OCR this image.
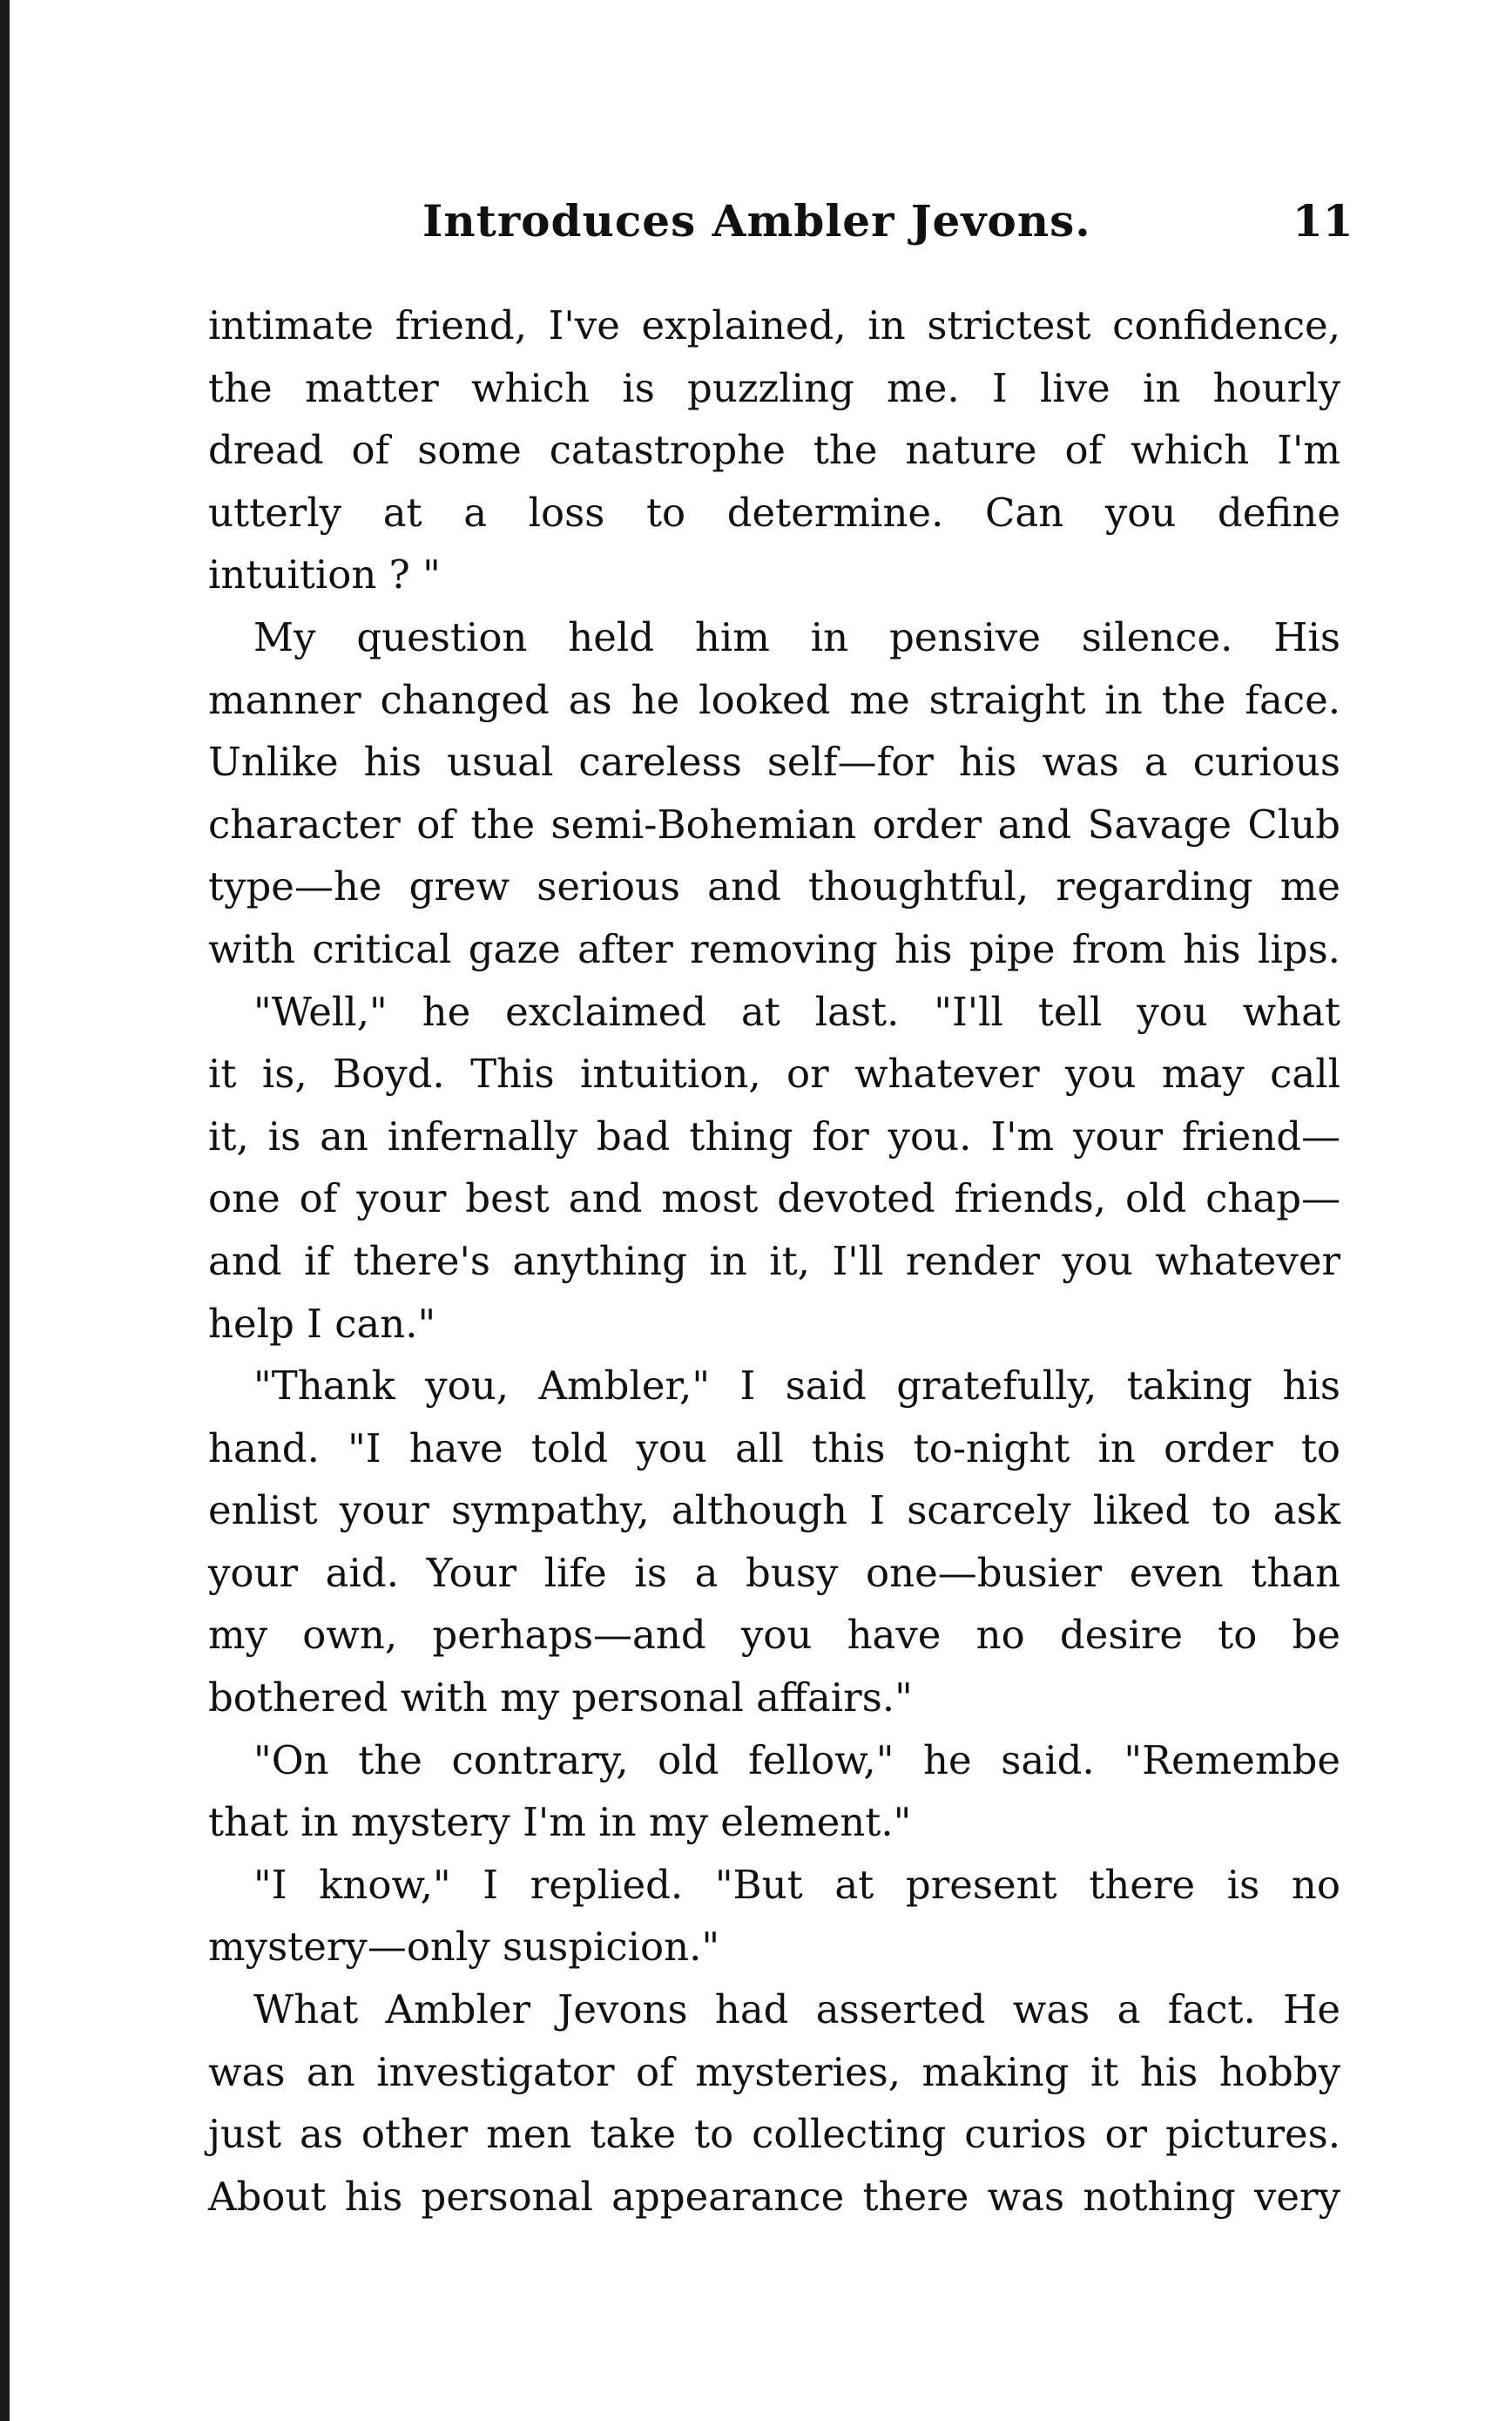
Introduces Ambler Jevons.	11
intimate friend, I've explained, in strictest confidence,
the matter which is puzzling me. I live in hourly
dread of some catastrophe the nature of which I'm
utterly at a loss to determine. Can you define
intuition ? "
My question held him in pensive silence. His
manner changed as he looked me straight in the face.
Unlike his usual careless self—for his was a curious
character of the semi-Bohemian order and Savage Club
type—he grew serious and thoughtful, regarding me
with critical gaze after removing his pipe from his lips.
"Well," he exclaimed at last. "I'll tell you what
it is, Boyd. This intuition, or whatever you may call
it, is an infernally bad thing for you. I'm your friend—
one of your best and most devoted friends, old chap—
and if there's anything in it, I'll render you whatever
help I can."
"Thank you, Ambler," I said gratefully, taking his
hand. "I have told you all this to-night in order to
enlist your sympathy, although I scarcely liked to ask
your aid. Your life is a busy one—busier even than
my own, perhaps—and you have no desire to be
bothered with my personal affairs."
"On the contrary, old fellow," he said. "Remembe
that in mystery I'm in my element."
"I know," I replied. "But at present there is no
mystery—only suspicion."
What Ambler Jevons had asserted was a fact. He
was an investigator of mysteries, making it his hobby
just as other men take to collecting curios or pictures.
About his personal appearance there was nothing very
